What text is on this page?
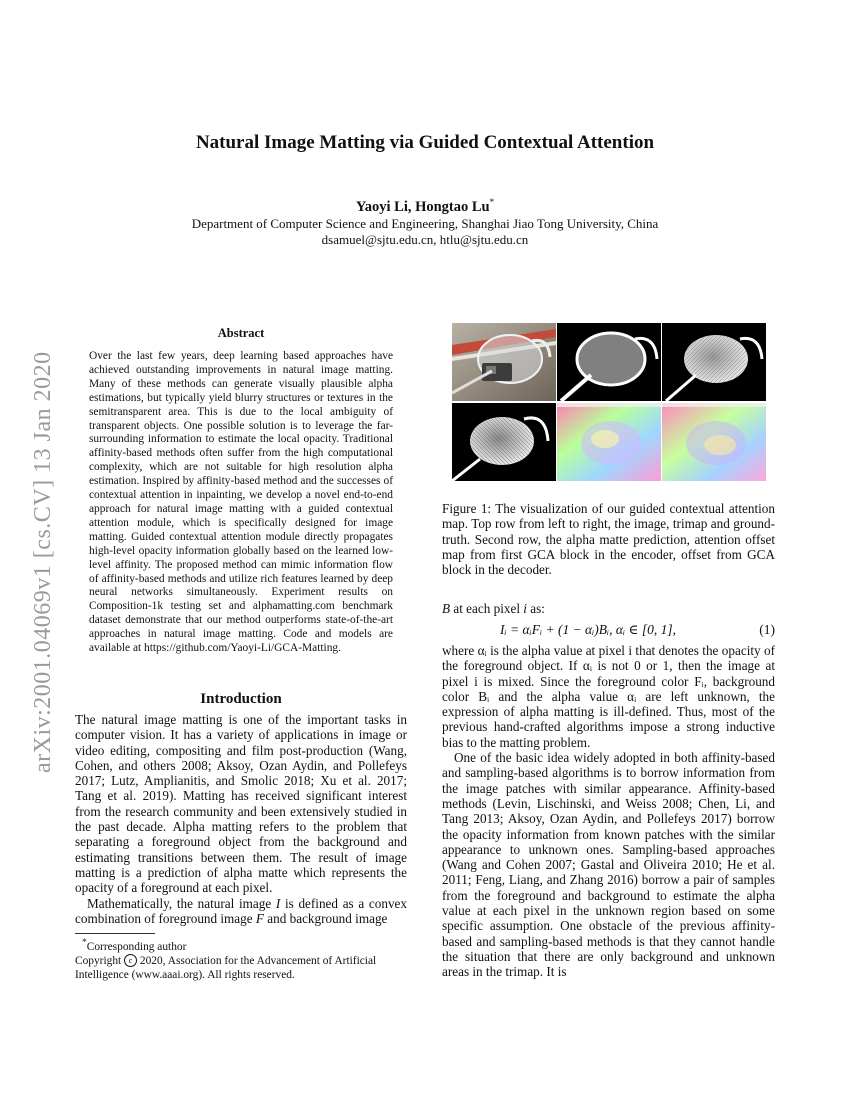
arXiv:2001.04069v1 [cs.CV] 13 Jan 2020
Natural Image Matting via Guided Contextual Attention
Yaoyi Li, Hongtao Lu*
Department of Computer Science and Engineering, Shanghai Jiao Tong University, China
dsamuel@sjtu.edu.cn, htlu@sjtu.edu.cn
Abstract
Over the last few years, deep learning based approaches have achieved outstanding improvements in natural image matting. Many of these methods can generate visually plausible alpha estimations, but typically yield blurry structures or textures in the semitransparent area. This is due to the local ambiguity of transparent objects. One possible solution is to leverage the far-surrounding information to estimate the local opacity. Traditional affinity-based methods often suffer from the high computational complexity, which are not suitable for high resolution alpha estimation. Inspired by affinity-based method and the successes of contextual attention in inpainting, we develop a novel end-to-end approach for natural image matting with a guided contextual attention module, which is specifically designed for image matting. Guided contextual attention module directly propagates high-level opacity information globally based on the learned low-level affinity. The proposed method can mimic information flow of affinity-based methods and utilize rich features learned by deep neural networks simultaneously. Experiment results on Composition-1k testing set and alphamatting.com benchmark dataset demonstrate that our method outperforms state-of-the-art approaches in natural image matting. Code and models are available at https://github.com/Yaoyi-Li/GCA-Matting.
Introduction

The natural image matting is one of the important tasks in computer vision. It has a variety of applications in image or video editing, compositing and film post-production (Wang, Cohen, and others 2008; Aksoy, Ozan Aydin, and Pollefeys 2017; Lutz, Amplianitis, and Smolic 2018; Xu et al. 2017; Tang et al. 2019). Matting has received significant interest from the research community and been extensively studied in the past decade. Alpha matting refers to the problem that separating a foreground object from the background and estimating transitions between them. The result of image matting is a prediction of alpha matte which represents the opacity of a foreground at each pixel.

Mathematically, the natural image I is defined as a convex combination of foreground image F and background image

*Corresponding author
Copyright c 2020, Association for the Advancement of Artificial Intelligence (www.aaai.org). All rights reserved.
Figure 1: The visualization of our guided contextual attention map. Top row from left to right, the image, trimap and ground-truth. Second row, the alpha matte prediction, attention offset map from first GCA block in the encoder, offset from GCA block in the decoder.

B at each pixel i as:

Iᵢ = αᵢFᵢ + (1 − αᵢ)Bᵢ, αᵢ ∈ [0, 1],	(1)

where αᵢ is the alpha value at pixel i that denotes the opacity of the foreground object. If αᵢ is not 0 or 1, then the image at pixel i is mixed. Since the foreground color Fᵢ, background color Bᵢ and the alpha value αᵢ are left unknown, the expression of alpha matting is ill-defined. Thus, most of the previous hand-crafted algorithms impose a strong inductive bias to the matting problem.

One of the basic idea widely adopted in both affinity-based and sampling-based algorithms is to borrow information from the image patches with similar appearance. Affinity-based methods (Levin, Lischinski, and Weiss 2008; Chen, Li, and Tang 2013; Aksoy, Ozan Aydin, and Pollefeys 2017) borrow the opacity information from known patches with the similar appearance to unknown ones. Sampling-based approaches (Wang and Cohen 2007; Gastal and Oliveira 2010; He et al. 2011; Feng, Liang, and Zhang 2016) borrow a pair of samples from the foreground and background to estimate the alpha value at each pixel in the unknown region based on some specific assumption. One obstacle of the previous affinity-based and sampling-based methods is that they cannot handle the situation that there are only background and unknown areas in the trimap. It is
